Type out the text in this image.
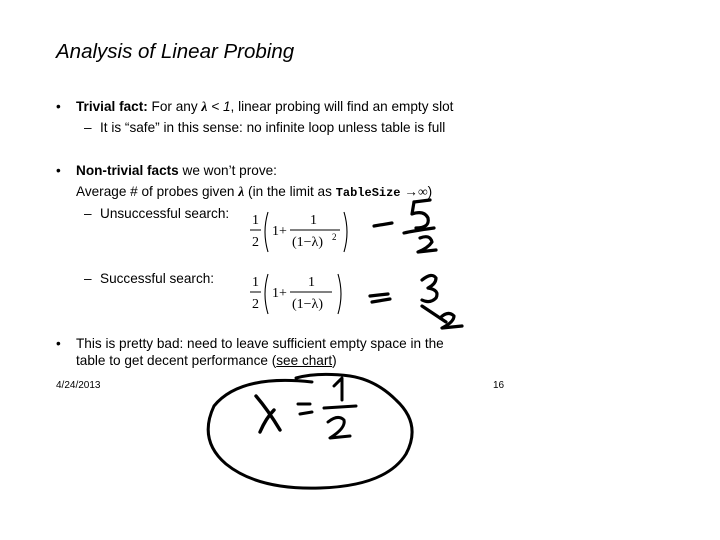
Analysis of Linear Probing
• Trivial fact: For any λ < 1, linear probing will find an empty slot
– It is “safe” in this sense: no infinite loop unless table is full
• Non-trivial facts we won’t prove:
Average # of probes given λ (in the limit as TableSize →∞)
– Unsuccessful search: 1
2
1+
1
(1−λ) 2
– Successful search:	1
2
1+
1
(1−λ)
• This is pretty bad: need to leave sufficient empty space in the
table to get decent performance (see chart)
4/24/2013	16
